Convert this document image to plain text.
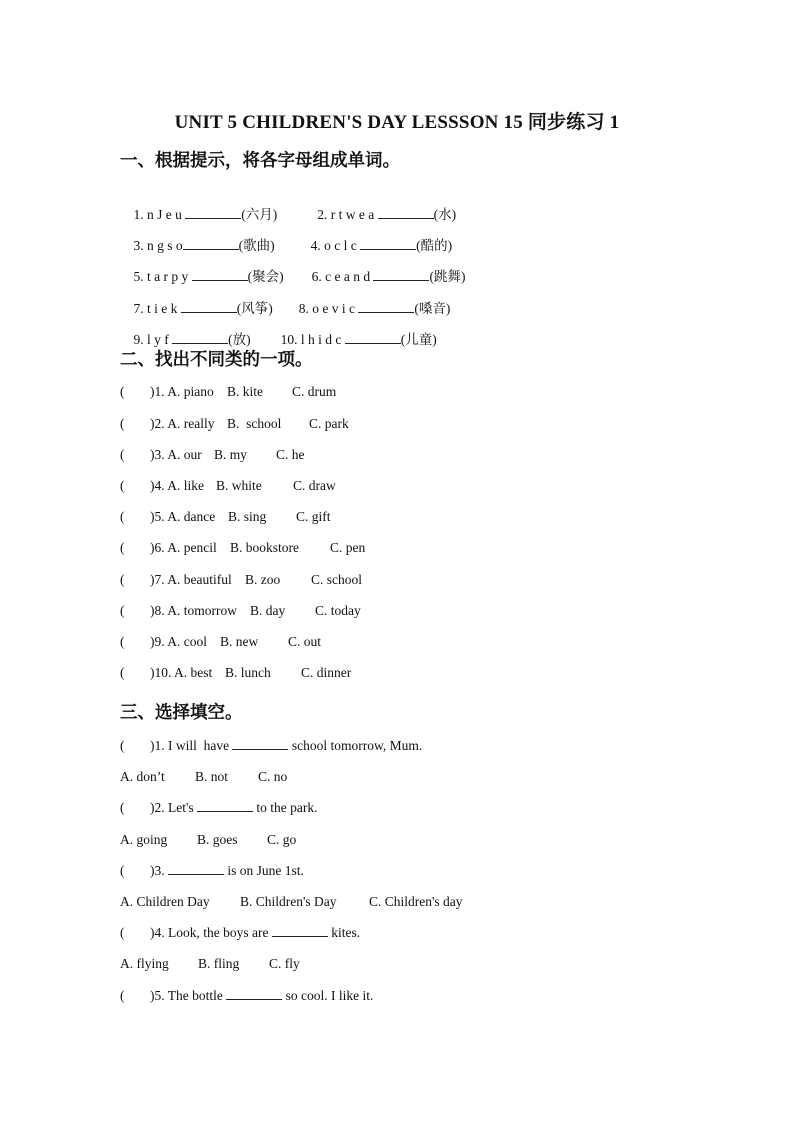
UNIT 5 CHILDREN'S DAY LESSSON 15 同步练习 1
一、根据提示，将各字母组成单词。

1. n J e u	(六月)	2. r t w e a	(水)

3. n g s o	(歌曲)	4. o c l c	(酷的)

5. t a r p y	(聚会) 6. c e a n d	(跳舞)

7. t i e k	(风筝) 8. o e v i c	(嗓音)

9. l y f	(放) 10. l h i d c	(儿童)

二、找出不同类的一项。
( )1. A. piano B. kite C. drum
( )2. A. really B.  school C. park
( )3. A. our B. my C. he
( )4. A. like B. white C. draw
( )5. A. dance B. sing C. gift
( )6. A. pencil B. bookstore C. pen
( )7. A. beautiful B. zoo C. school
( )8. A. tomorrow B. day C. today
( )9. A. cool B. new C. out
( )10. A. best B. lunch C. dinner
三、选择填空。
( )1. I will  have	school tomorrow, Mum.
A. don’t B. not C. no
( )2. Let's	to the park.
A. going B. goes C. go
( )3.	is on June 1st.
A. Children Day B. Children's Day C. Children's day
( )4. Look, the boys are	kites.
A. flying B. fling C. fly
( )5. The bottle	so cool. I like it.
